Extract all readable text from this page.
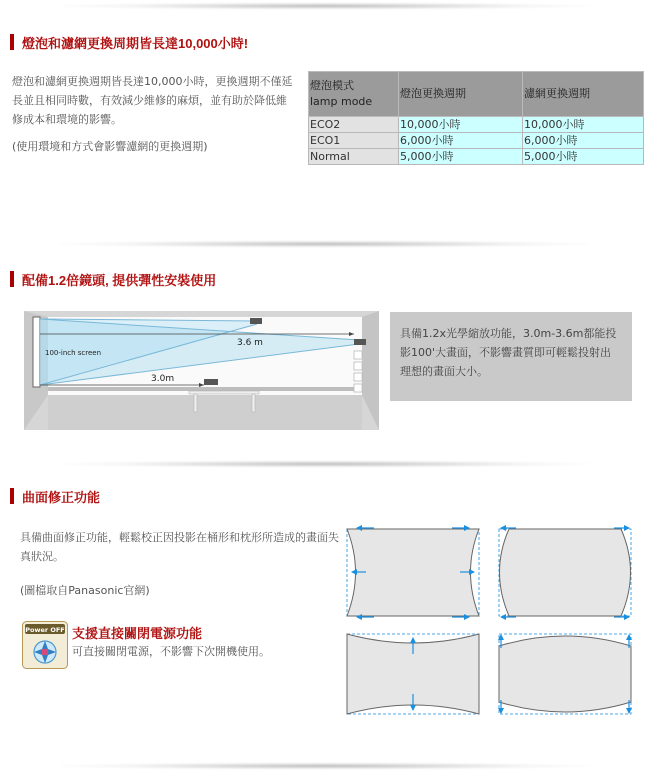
燈泡和濾網更換周期皆長達10,000小時!

燈泡和濾網更換週期皆長達10,000小時，更換週期不僅延長並且相同時數，有效減少維修的麻煩，並有助於降低維修成本和環境的影響。

(使用環境和方式會影響濾網的更換週期)

燈泡模式
lamp mode	燈泡更換週期	濾網更換週期
ECO2	10,000小時	10,000小時
ECO1	6,000小時	6,000小時
Normal	5,000小時	5,000小時
配備1.2倍鏡頭, 提供彈性安裝使用
3.6 m
3.0m
100-inch screen

具備1.2x光學縮放功能，3.0m-3.6m都能投影100'大畫面，不影響畫質即可輕鬆投射出理想的畫面大小。

曲面修正功能

具備曲面修正功能，輕鬆校正因投影在桶形和枕形所造成的畫面失真狀況。

(圖檔取自Panasonic官網)

Power OFF 支援直接關閉電源功能
可直接關閉電源，不影響下次開機使用。
